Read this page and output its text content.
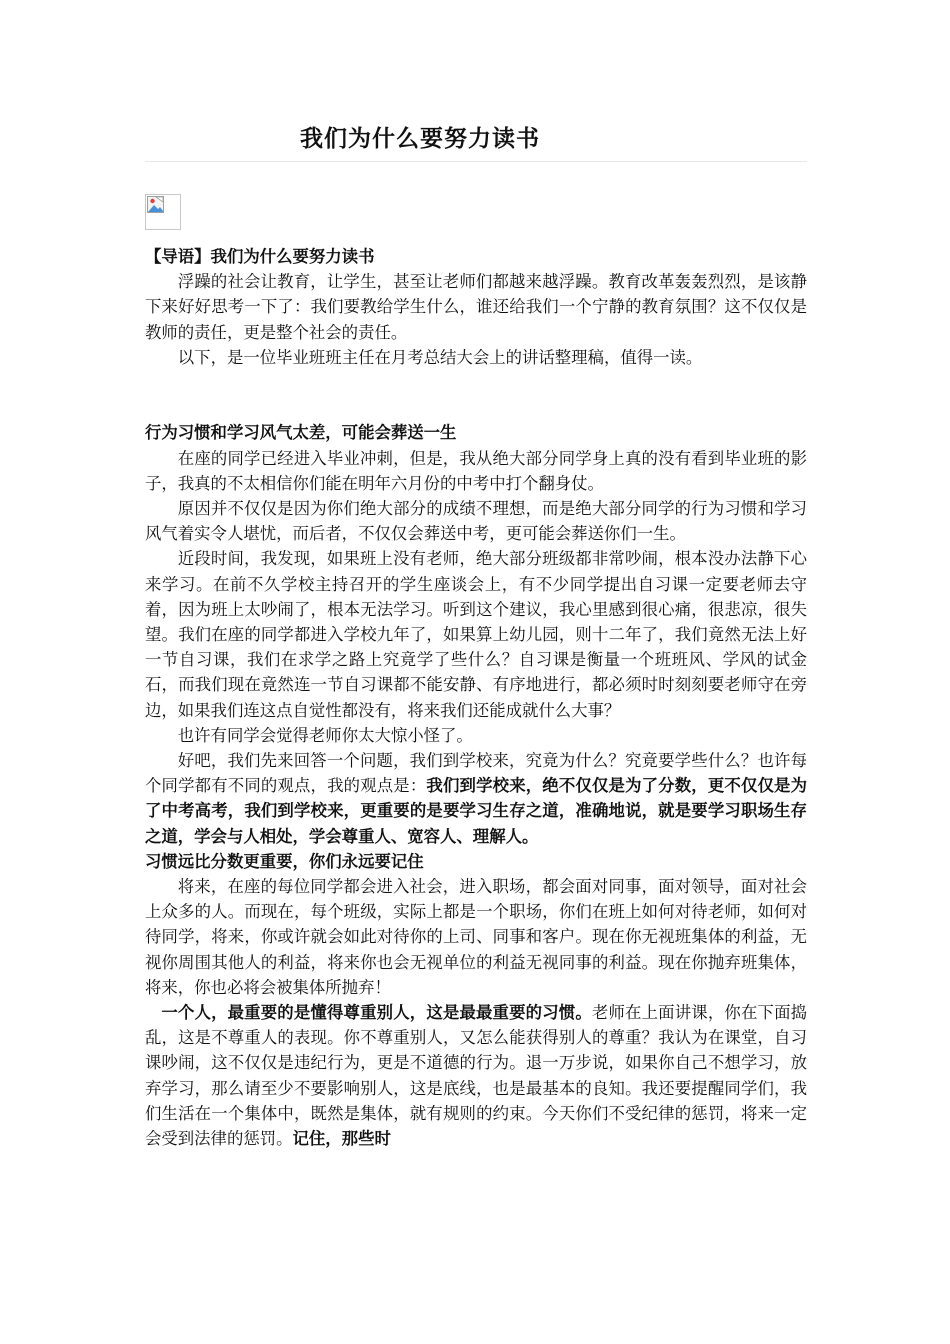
我们为什么要努力读书

【导语】我们为什么要努力读书

浮躁的社会让教育，让学生，甚至让老师们都越来越浮躁。教育改革轰轰烈烈，是该静下来好好思考一下了：我们要教给学生什么，谁还给我们一个宁静的教育氛围？这不仅仅是教师的责任，更是整个社会的责任。

以下，是一位毕业班班主任在月考总结大会上的讲话整理稿，值得一读。

行为习惯和学习风气太差，可能会葬送一生

在座的同学已经进入毕业冲刺，但是，我从绝大部分同学身上真的没有看到毕业班的影子，我真的不太相信你们能在明年六月份的中考中打个翻身仗。

原因并不仅仅是因为你们绝大部分的成绩不理想，而是绝大部分同学的行为习惯和学习风气着实令人堪忧，而后者，不仅仅会葬送中考，更可能会葬送你们一生。

近段时间，我发现，如果班上没有老师，绝大部分班级都非常吵闹，根本没办法静下心来学习。在前不久学校主持召开的学生座谈会上，有不少同学提出自习课一定要老师去守着，因为班上太吵闹了，根本无法学习。听到这个建议，我心里感到很心痛，很悲凉，很失望。我们在座的同学都进入学校九年了，如果算上幼儿园，则十二年了，我们竟然无法上好一节自习课，我们在求学之路上究竟学了些什么？自习课是衡量一个班班风、学风的试金石，而我们现在竟然连一节自习课都不能安静、有序地进行，都必须时时刻刻要老师守在旁边，如果我们连这点自觉性都没有，将来我们还能成就什么大事？

也许有同学会觉得老师你太大惊小怪了。

好吧，我们先来回答一个问题，我们到学校来，究竟为什么？究竟要学些什么？也许每个同学都有不同的观点，我的观点是：我们到学校来，绝不仅仅是为了分数，更不仅仅是为了中考高考，我们到学校来，更重要的是要学习生存之道，准确地说，就是要学习职场生存之道，学会与人相处，学会尊重人、宽容人、理解人。

习惯远比分数更重要，你们永远要记住

将来，在座的每位同学都会进入社会，进入职场，都会面对同事，面对领导，面对社会上众多的人。而现在，每个班级，实际上都是一个职场，你们在班上如何对待老师，如何对待同学，将来，你或许就会如此对待你的上司、同事和客户。现在你无视班集体的利益，无视你周围其他人的利益，将来你也会无视单位的利益无视同事的利益。现在你抛弃班集体，将来，你也必将会被集体所抛弃！

一个人，最重要的是懂得尊重别人，这是最最重要的习惯。老师在上面讲课，你在下面捣乱，这是不尊重人的表现。你不尊重别人，又怎么能获得别人的尊重？我认为在课堂，自习课吵闹，这不仅仅是违纪行为，更是不道德的行为。退一万步说，如果你自己不想学习，放弃学习，那么请至少不要影响别人，这是底线，也是最基本的良知。我还要提醒同学们，我们生活在一个集体中，既然是集体，就有规则的约束。今天你们不受纪律的惩罚，将来一定会受到法律的惩罚。记住，那些时
